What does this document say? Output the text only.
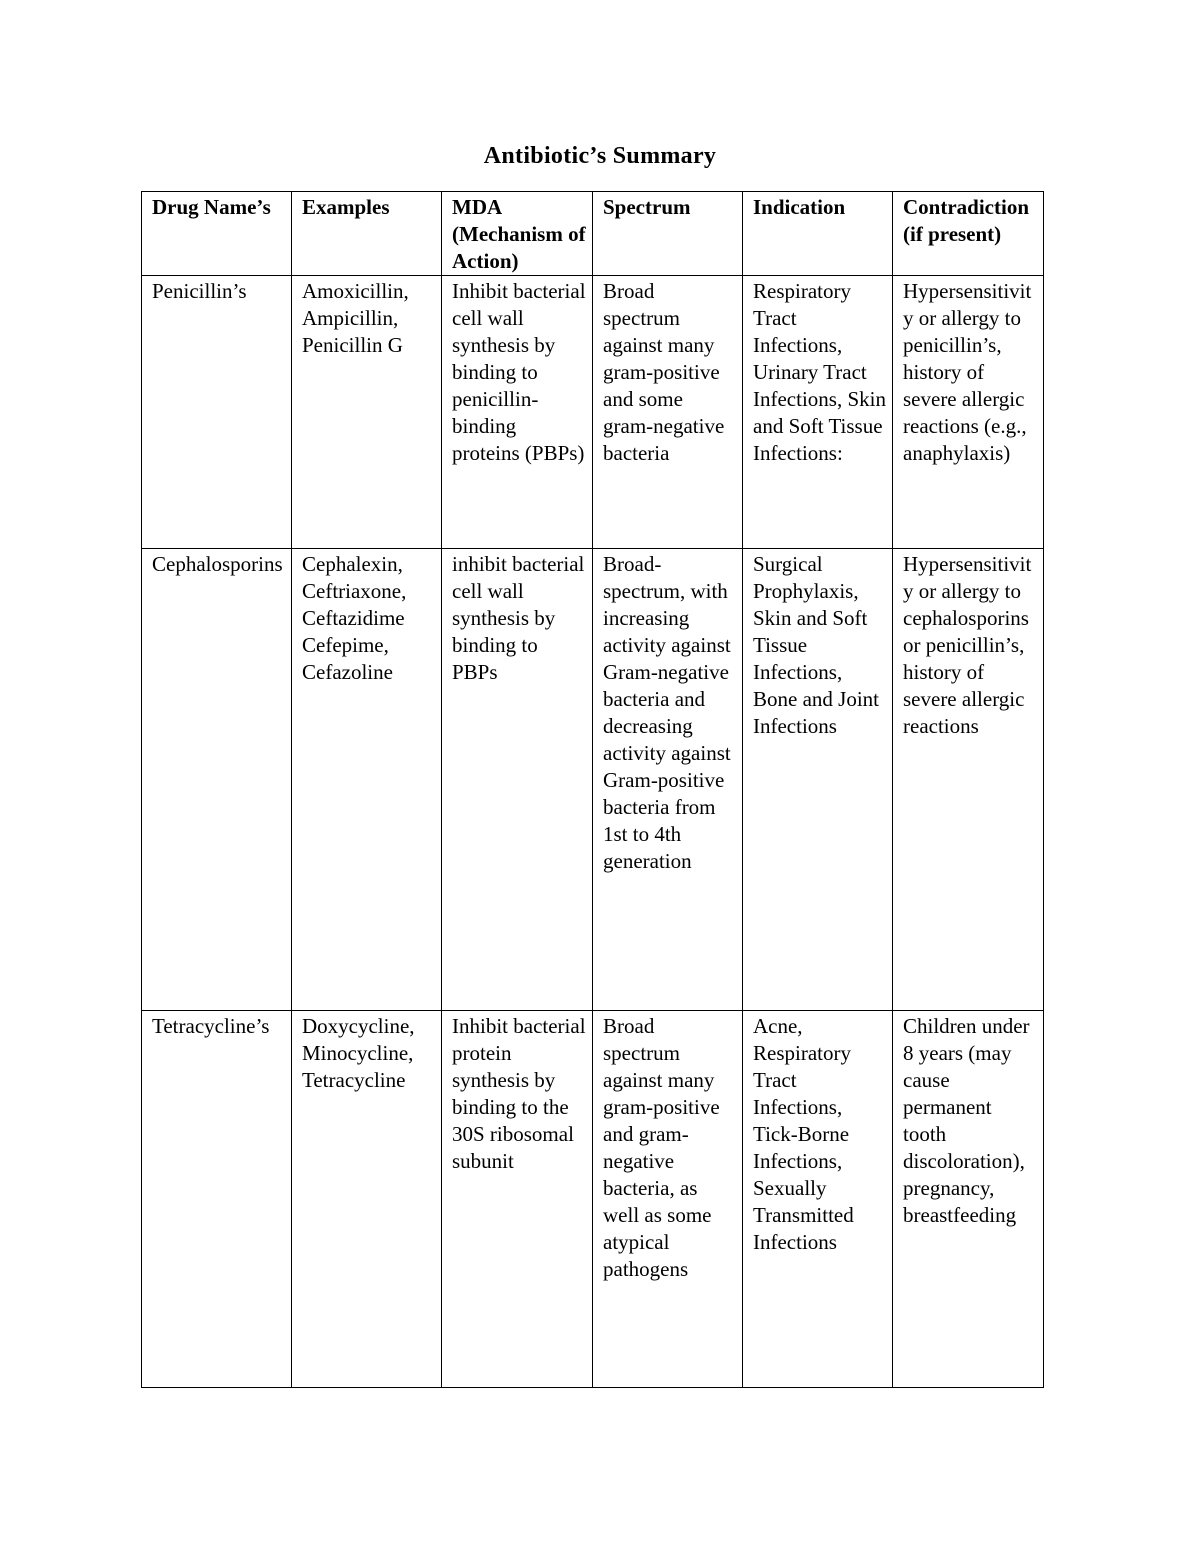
Antibiotic’s Summary
Drug Name’s	Examples	MDA (Mechanism of Action)	Spectrum	Indication	Contradiction (if present)
Penicillin’s	Amoxicillin, Ampicillin, Penicillin G	Inhibit bacterial cell wall synthesis by binding to penicillin-binding proteins (PBPs)	Broad spectrum against many gram-positive and some gram-negative bacteria	Respiratory Tract Infections, Urinary Tract Infections, Skin and Soft Tissue Infections:	Hypersensitivity or allergy to penicillin’s, history of severe allergic reactions (e.g., anaphylaxis)
Cephalosporins	Cephalexin, Ceftriaxone, Ceftazidime Cefepime, Cefazoline	inhibit bacterial cell wall synthesis by binding to PBPs	Broad-spectrum, with increasing activity against Gram-negative bacteria and decreasing activity against Gram-positive bacteria from 1st to 4th generation	Surgical Prophylaxis, Skin and Soft Tissue Infections, Bone and Joint Infections	Hypersensitivity or allergy to cephalosporins or penicillin’s, history of severe allergic reactions
Tetracycline’s	Doxycycline, Minocycline, Tetracycline	Inhibit bacterial protein synthesis by binding to the 30S ribosomal subunit	Broad spectrum against many gram-positive and gram-negative bacteria, as well as some atypical pathogens	Acne, Respiratory Tract Infections, Tick-Borne Infections, Sexually Transmitted Infections	Children under 8 years (may cause permanent tooth discoloration), pregnancy, breastfeeding
